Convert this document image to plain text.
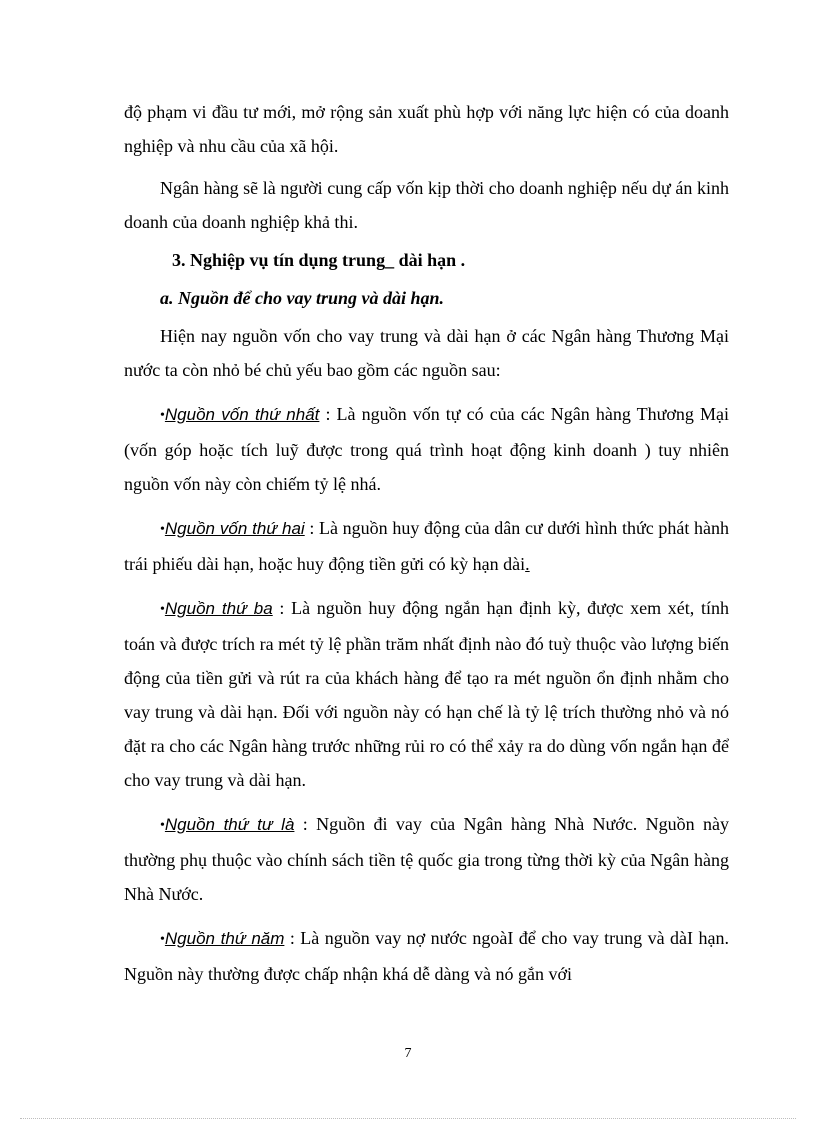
độ phạm vi đầu tư mới, mở rộng sản xuất phù hợp với năng lực hiện có của doanh nghiệp và nhu cầu của xã hội.

Ngân hàng sẽ là người cung cấp vốn kịp thời cho doanh nghiệp nếu dự án kinh doanh của doanh nghiệp khả thi.

3. Nghiệp vụ tín dụng trung_ dài hạn .

a. Nguồn để cho vay trung và dài hạn.

Hiện nay nguồn vốn cho vay trung và dài hạn ở các Ngân hàng Thương Mại nước ta còn nhỏ bé chủ yếu bao gồm các nguồn sau:

•Nguồn vốn thứ nhất : Là nguồn vốn tự có của các Ngân hàng Thương Mại (vốn góp hoặc tích luỹ được trong quá trình hoạt động kinh doanh ) tuy nhiên nguồn vốn này còn chiếm tỷ lệ nhá.

•Nguồn vốn thứ hai : Là nguồn huy động của dân cư dưới hình thức phát hành trái phiếu dài hạn, hoặc huy động tiền gửi có kỳ hạn dài.

•Nguồn thứ ba : Là nguồn huy động ngắn hạn định kỳ, được xem xét, tính toán và được trích ra mét tỷ lệ phần trăm nhất định nào đó tuỳ thuộc vào lượng biến động của tiền gửi và rút ra của khách hàng để tạo ra mét nguồn ổn định nhằm cho vay trung và dài hạn. Đối với nguồn này có hạn chế là tỷ lệ trích thường nhỏ và nó đặt ra cho các Ngân hàng trước những rủi ro có thể xảy ra do dùng vốn ngắn hạn để cho vay trung và dài hạn.

•Nguồn thứ tư là : Nguồn đi vay của Ngân hàng Nhà Nước. Nguồn này thường phụ thuộc vào chính sách tiền tệ quốc gia trong từng thời kỳ của Ngân hàng Nhà Nước.

•Nguồn thứ năm : Là nguồn vay nợ nước ngoàI để cho vay trung và dàI hạn. Nguồn này thường được chấp nhận khá dễ dàng và nó gắn với

7
